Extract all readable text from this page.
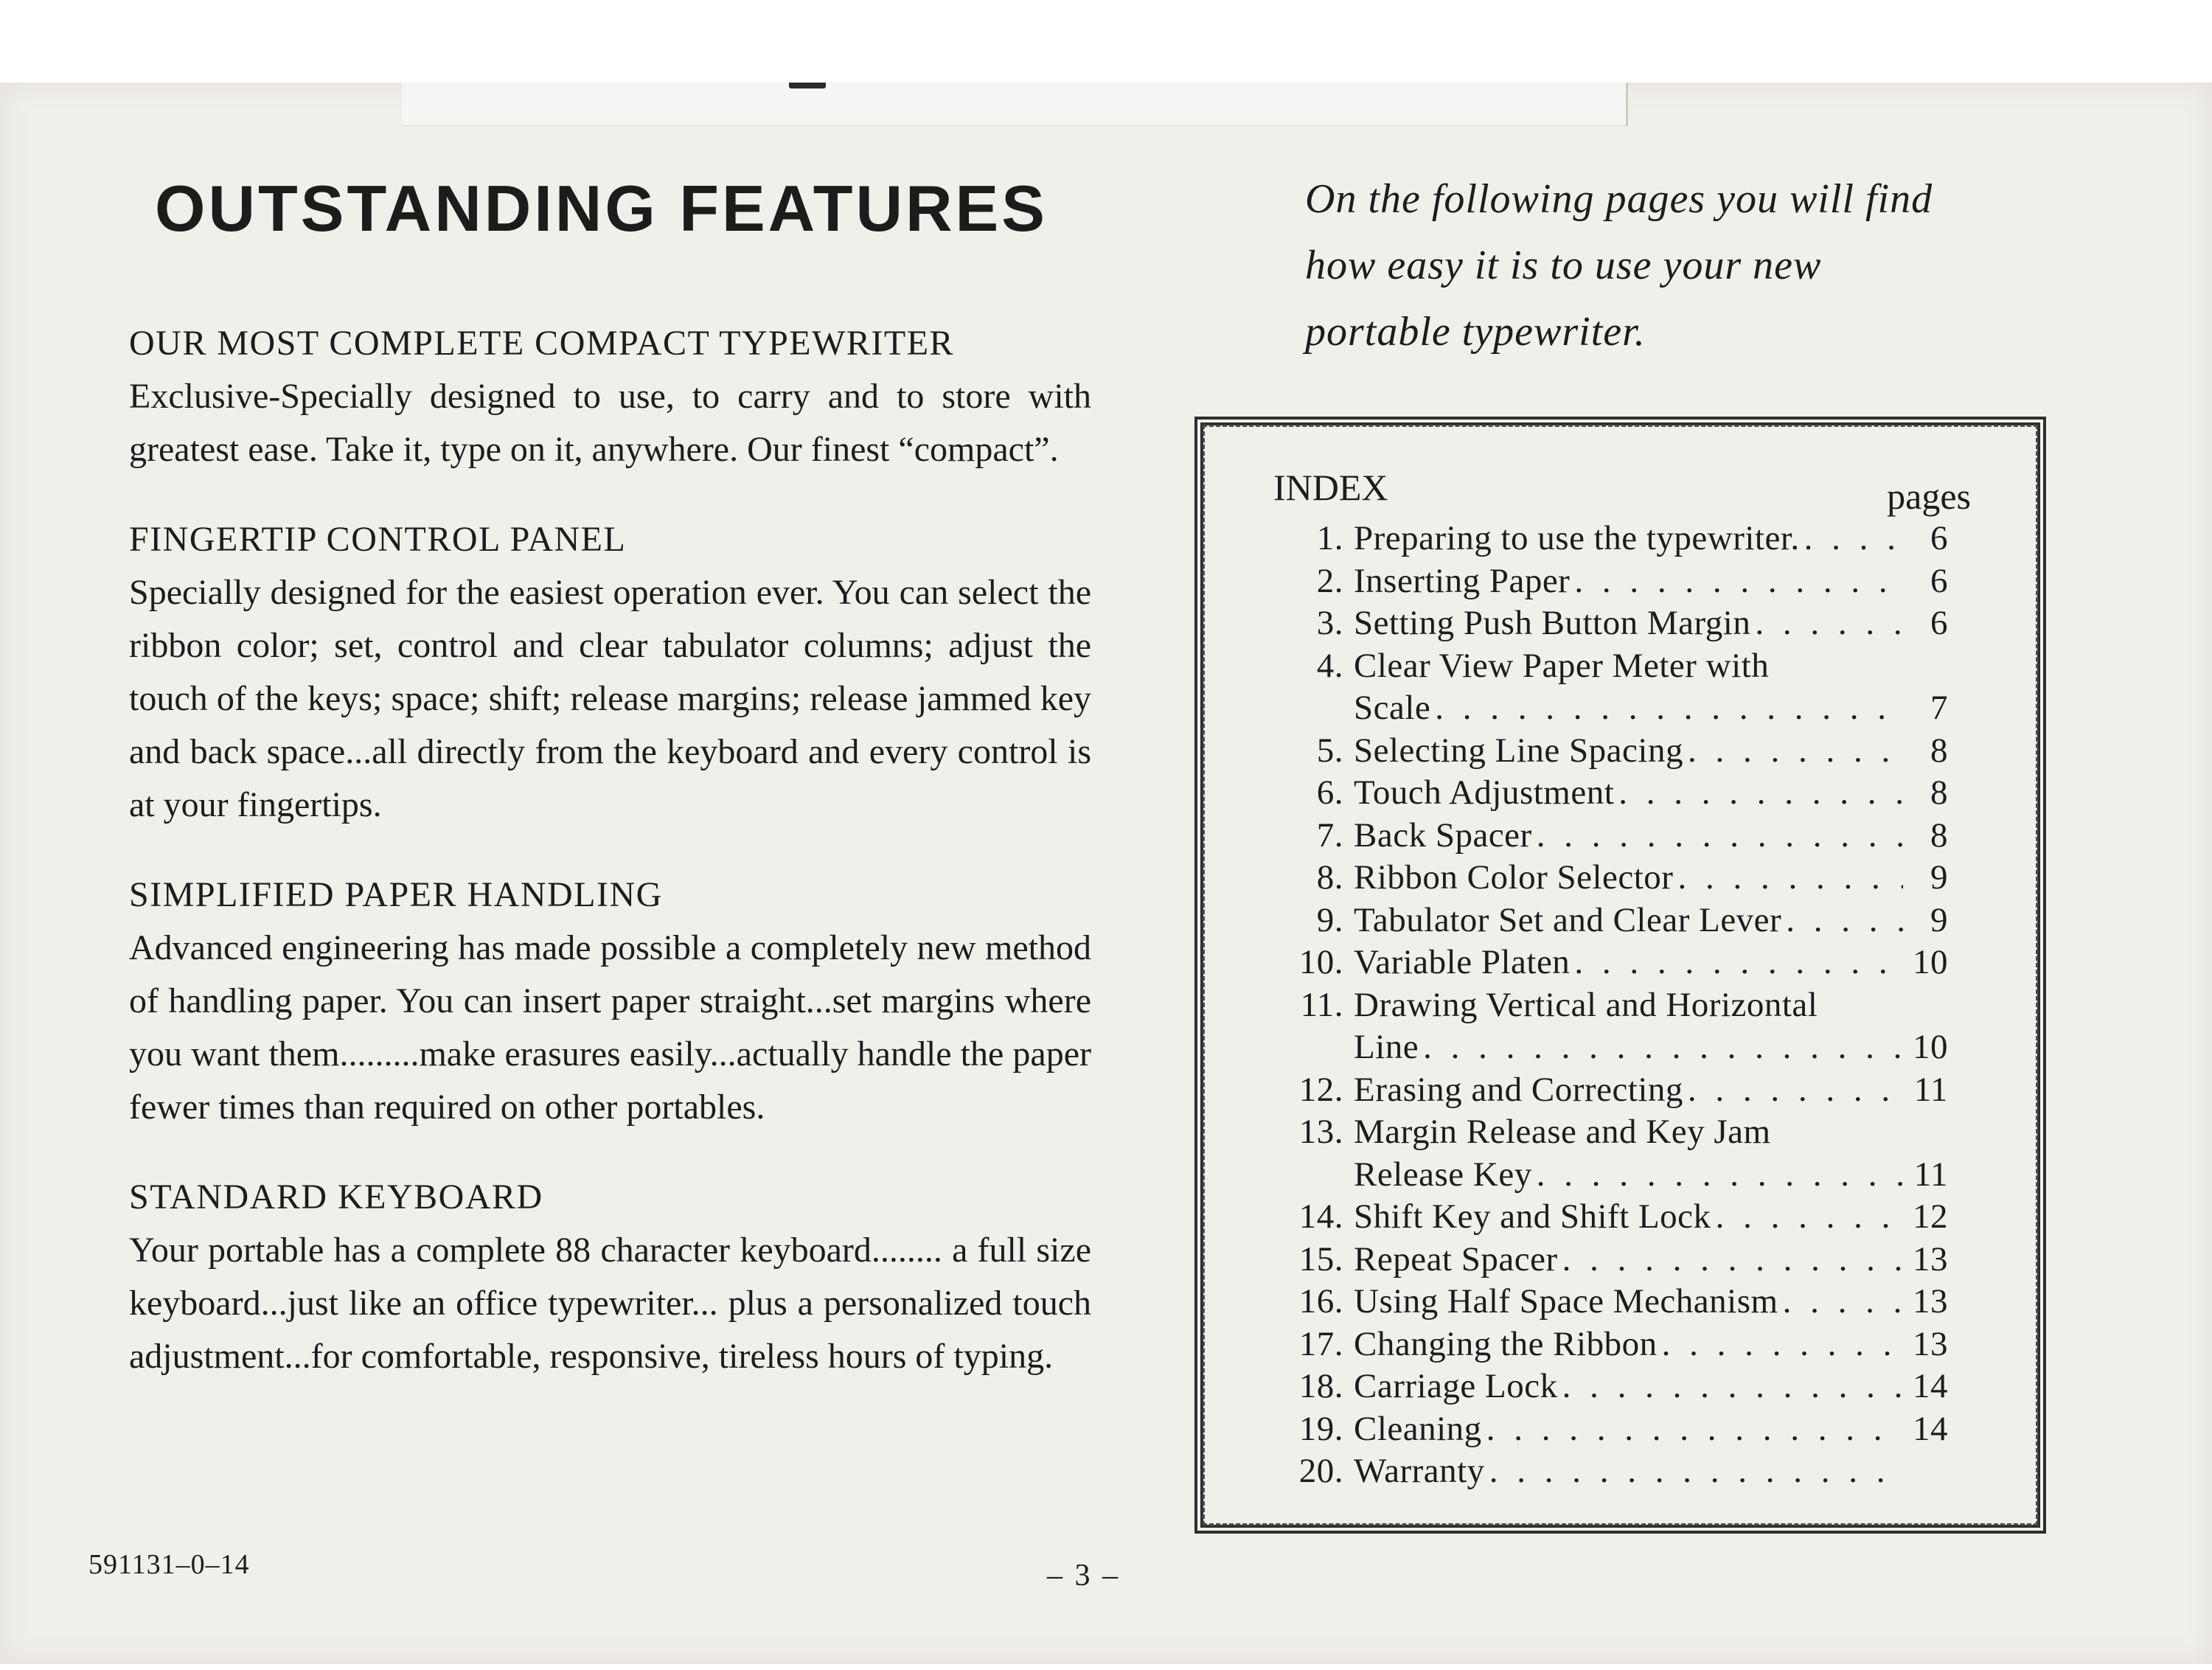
OUTSTANDING FEATURES
OUR MOST COMPLETE COMPACT TYPEWRITER
Exclusive-Specially designed to use, to carry and to store with greatest ease. Take it, type on it, anywhere. Our finest “compact”.
FINGERTIP CONTROL PANEL
Specially designed for the easiest operation ever. You can select the ribbon color; set, control and clear tabulator columns; adjust the touch of the keys; space; shift; release margins; release jammed key and back space...all directly from the keyboard and every control is at your fingertips.
SIMPLIFIED PAPER HANDLING
Advanced engineering has made possible a completely new method of handling paper. You can insert paper straight...set margins where you want them.........make erasures easily...actually handle the paper fewer times than required on other portables.
STANDARD KEYBOARD
Your portable has a complete 88 character keyboard........ a full size keyboard...just like an office typewriter... plus a personalized touch adjustment...for comfortable, responsive, tireless hours of typing.
On the following pages you will find how easy it is to use your new portable typewriter.
INDEX	pages
1. Preparing to use the typewriter. . . .	6
2. Inserting Paper . . .	6
3. Setting Push Button Margin . . .	6
4. Clear View Paper Meter with
Scale . . .	7
5. Selecting Line Spacing . . .	8
6. Touch Adjustment . . .	8
7. Back Spacer . . .	8
8. Ribbon Color Selector . . .	9
9. Tabulator Set and Clear Lever . . .	9
10. Variable Platen . . .	10
11. Drawing Vertical and Horizontal
Line . . .	10
12. Erasing and Correcting . . .	11
13. Margin Release and Key Jam
Release Key . . .	11
14. Shift Key and Shift Lock . . .	12
15. Repeat Spacer . . .	13
16. Using Half Space Mechanism . . .	13
17. Changing the Ribbon . . .	13
18. Carriage Lock . . .	14
19. Cleaning . . .	14
20. Warranty
. . .
591131–0–14	– 3 –
